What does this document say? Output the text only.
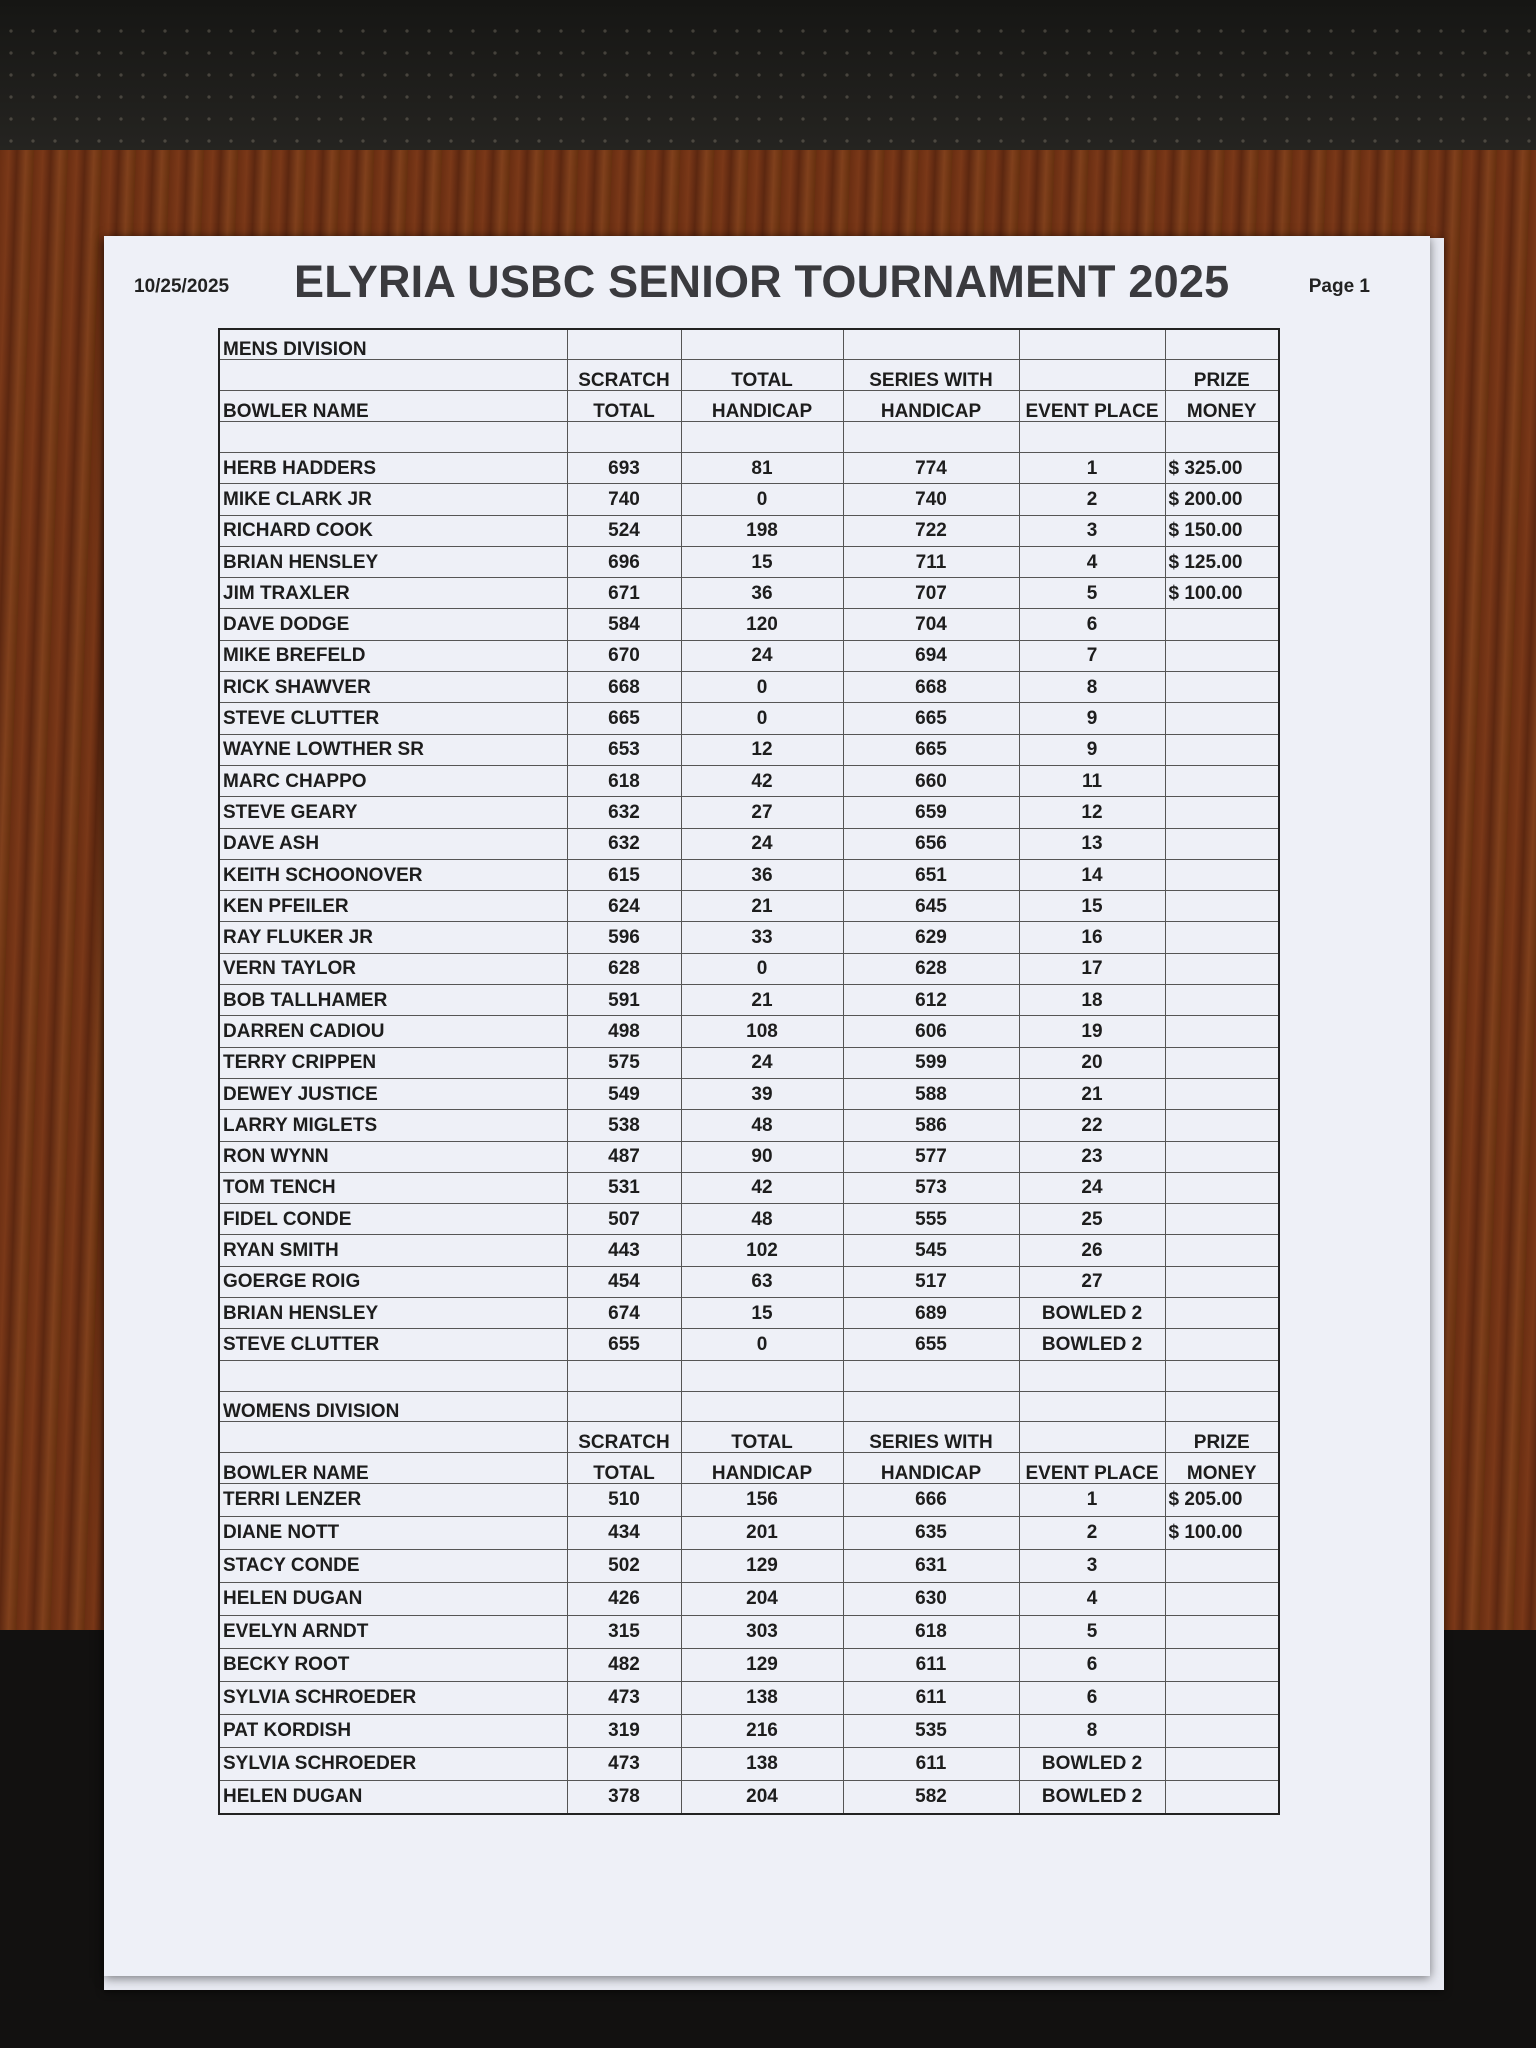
10/25/2025 ELYRIA USBC SENIOR TOURNAMENT 2025	Page 1
MENS DIVISION					
	SCRATCH	TOTAL	SERIES WITH		PRIZE
BOWLER NAME	TOTAL	HANDICAP	HANDICAP	EVENT PLACE	MONEY

HERB HADDERS	693	81	774	1	$ 325.00
MIKE CLARK JR	740	0	740	2	$ 200.00
RICHARD COOK	524	198	722	3	$ 150.00
BRIAN HENSLEY	696	15	711	4	$ 125.00
JIM TRAXLER	671	36	707	5	$ 100.00
DAVE DODGE	584	120	704	6	
MIKE BREFELD	670	24	694	7	
RICK SHAWVER	668	0	668	8	
STEVE CLUTTER	665	0	665	9	
WAYNE LOWTHER SR	653	12	665	9	
MARC CHAPPO	618	42	660	11	
STEVE GEARY	632	27	659	12	
DAVE ASH	632	24	656	13	
KEITH SCHOONOVER	615	36	651	14	
KEN PFEILER	624	21	645	15	
RAY FLUKER JR	596	33	629	16	
VERN TAYLOR	628	0	628	17	
BOB TALLHAMER	591	21	612	18	
DARREN CADIOU	498	108	606	19	
TERRY CRIPPEN	575	24	599	20	
DEWEY JUSTICE	549	39	588	21	
LARRY MIGLETS	538	48	586	22	
RON WYNN	487	90	577	23	
TOM TENCH	531	42	573	24	
FIDEL CONDE	507	48	555	25	
RYAN SMITH	443	102	545	26	
GOERGE ROIG	454	63	517	27	
BRIAN HENSLEY	674	15	689	BOWLED 2	
STEVE CLUTTER	655	0	655	BOWLED 2	

WOMENS DIVISION					
	SCRATCH	TOTAL	SERIES WITH		PRIZE
BOWLER NAME	TOTAL	HANDICAP	HANDICAP	EVENT PLACE	MONEY
TERRI LENZER	510	156	666	1	$ 205.00
DIANE NOTT	434	201	635	2	$ 100.00
STACY CONDE	502	129	631	3	
HELEN DUGAN	426	204	630	4	
EVELYN ARNDT	315	303	618	5	
BECKY ROOT	482	129	611	6	
SYLVIA SCHROEDER	473	138	611	6	
PAT KORDISH	319	216	535	8	
SYLVIA SCHROEDER	473	138	611	BOWLED 2	
HELEN DUGAN	378	204	582	BOWLED 2	
